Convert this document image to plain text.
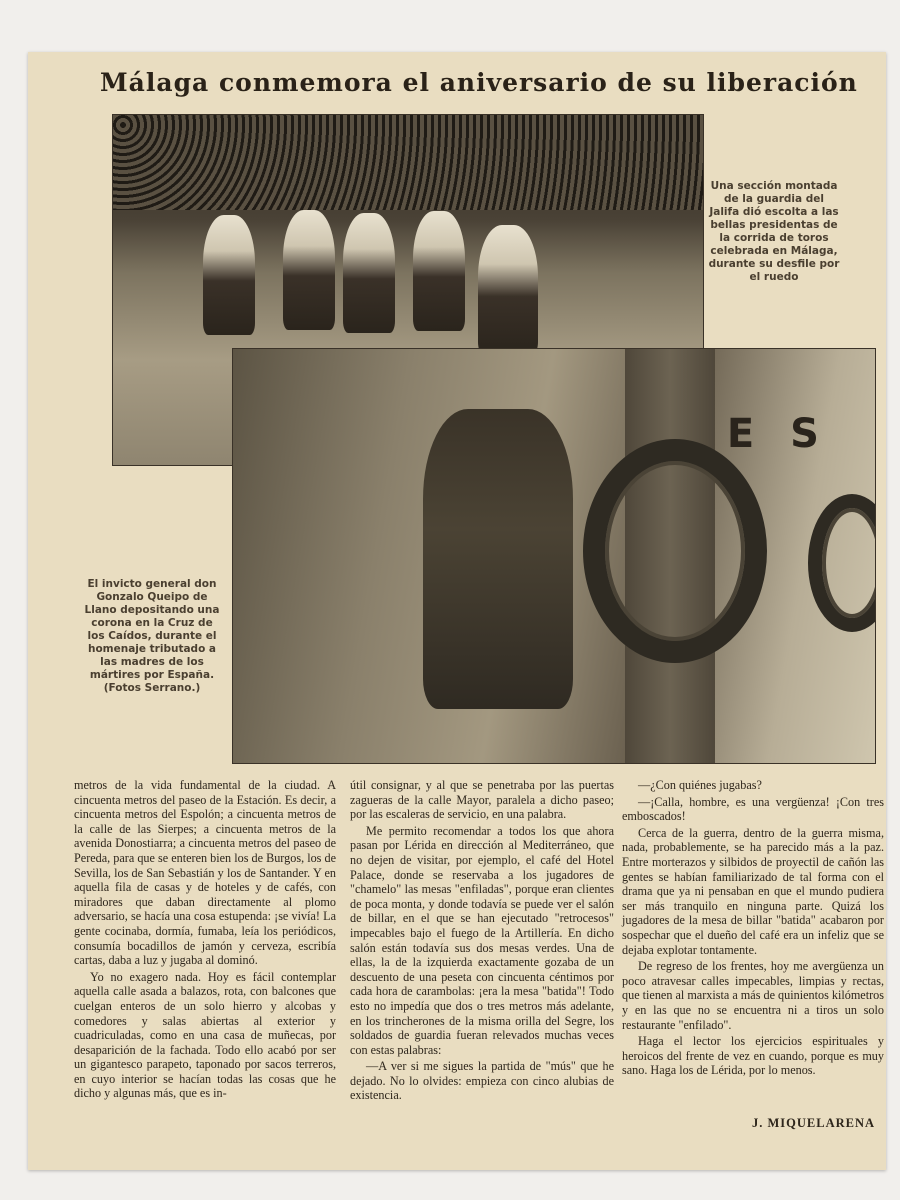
Málaga conmemora el aniversario de su liberación
ES
Una sección montada de la guardia del Jalifa dió escolta a las bellas presidentas de la corrida de toros celebrada en Málaga, durante su desfile por el ruedo
El invicto general don Gonzalo Queipo de Llano depositando una corona en la Cruz de los Caídos, durante el homenaje tributado a las madres de los mártires por España. (Fotos Serrano.)

metros de la vida fundamental de la ciudad. A cincuenta metros del paseo de la Estación. Es decir, a cincuenta metros del Espolón; a cincuenta metros de la calle de las Sierpes; a cincuenta metros de la avenida Donostiarra; a cincuenta metros del paseo de Pereda, para que se enteren bien los de Burgos, los de Sevilla, los de San Sebastián y los de Santander. Y en aquella fila de casas y de hoteles y de cafés, con miradores que daban directamente al plomo adversario, se hacía una cosa estupenda: ¡se vivía! La gente cocinaba, dormía, fumaba, leía los periódicos, consumía bocadillos de jamón y cerveza, escribía cartas, daba a luz y jugaba al dominó.

Yo no exagero nada. Hoy es fácil contemplar aquella calle asada a balazos, rota, con balcones que cuelgan enteros de un solo hierro y alcobas y comedores y salas abiertas al exterior y cuadriculadas, como en una casa de muñecas, por desaparición de la fachada. Todo ello acabó por ser un gigantesco parapeto, taponado por sacos terreros, en cuyo interior se hacían todas las cosas que he dicho y algunas más, que es in-

útil consignar, y al que se penetraba por las puertas zagueras de la calle Mayor, paralela a dicho paseo; por las escaleras de servicio, en una palabra.

Me permito recomendar a todos los que ahora pasan por Lérida en dirección al Mediterráneo, que no dejen de visitar, por ejemplo, el café del Hotel Palace, donde se reservaba a los jugadores de "chamelo" las mesas "enfiladas", porque eran clientes de poca monta, y donde todavía se puede ver el salón de billar, en el que se han ejecutado "retrocesos" impecables bajo el fuego de la Artillería. En dicho salón están todavía sus dos mesas verdes. Una de ellas, la de la izquierda exactamente gozaba de un descuento de una peseta con cincuenta céntimos por cada hora de carambolas: ¡era la mesa "batida"! Todo esto no impedía que dos o tres metros más adelante, en los trincherones de la misma orilla del Segre, los soldados de guardia fueran relevados muchas veces con estas palabras:

—A ver si me sigues la partida de "mús" que he dejado. No lo olvides: empieza con cinco alubias de existencia.

—¿Con quiénes jugabas?

—¡Calla, hombre, es una vergüenza! ¡Con tres emboscados!

Cerca de la guerra, dentro de la guerra misma, nada, probablemente, se ha parecido más a la paz. Entre morterazos y silbidos de proyectil de cañón las gentes se habían familiarizado de tal forma con el drama que ya ni pensaban en que el mundo pudiera ser más tranquilo en ninguna parte. Quizá los jugadores de la mesa de billar "batida" acabaron por sospechar que el dueño del café era un infeliz que se dejaba explotar tontamente.

De regreso de los frentes, hoy me avergüenza un poco atravesar calles impecables, limpias y rectas, que tienen al marxista a más de quinientos kilómetros y en las que no se encuentra ni a tiros un solo restaurante "enfilado".

Haga el lector los ejercicios espirituales y heroicos del frente de vez en cuando, porque es muy sano. Haga los de Lérida, por lo menos.

J. MIQUELARENA
